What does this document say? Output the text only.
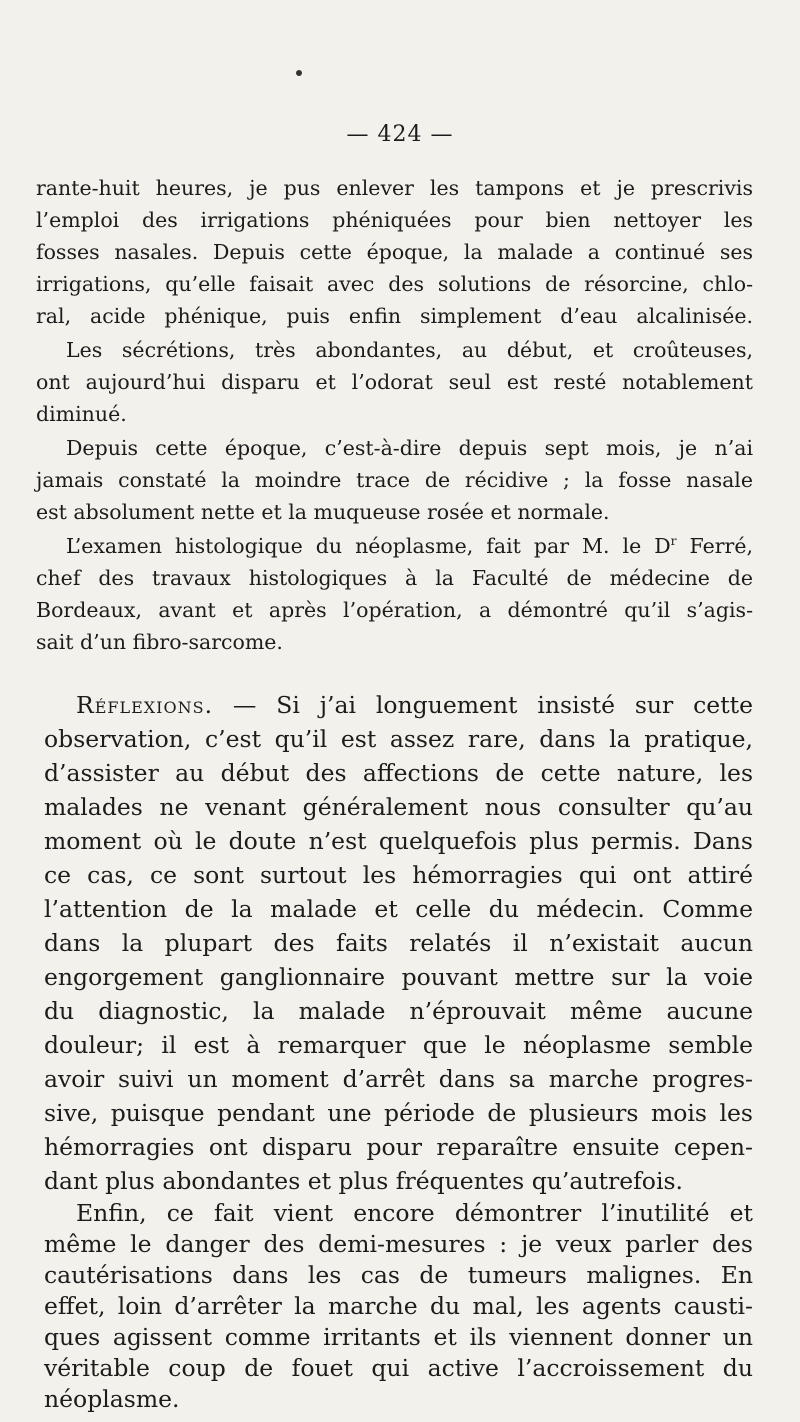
— 424 —
rante-huit heures, je pus enlever les tampons et je prescrivis
l’emploi des irrigations phéniquées pour bien nettoyer les
fosses nasales. Depuis cette époque, la malade a continué ses
irrigations, qu’elle faisait avec des solutions de résorcine, chlo-
ral, acide phénique, puis enfin simplement d’eau alcalinisée.
Les sécrétions, très abondantes, au début, et croûteuses,
ont aujourd’hui disparu et l’odorat seul est resté notablement
diminué.
Depuis cette époque, c’est-à-dire depuis sept mois, je n’ai
jamais constaté la moindre trace de récidive ; la fosse nasale
est absolument nette et la muqueuse rosée et normale.
L’examen histologique du néoplasme, fait par M. le $D^r$ Ferré,
chef des travaux histologiques à la Faculté de médecine de
Bordeaux, avant et après l’opération, a démontré qu’il s’agis-
sait d’un fibro-sarcome.
Réflexions. — Si j’ai longuement insisté sur cette
observation, c’est qu’il est assez rare, dans la pratique,
d’assister au début des affections de cette nature, les
malades ne venant généralement nous consulter qu’au
moment où le doute n’est quelquefois plus permis. Dans
ce cas, ce sont surtout les hémorragies qui ont attiré
l’attention de la malade et celle du médecin. Comme
dans la plupart des faits relatés il n’existait aucun
engorgement ganglionnaire pouvant mettre sur la voie
du diagnostic, la malade n’éprouvait même aucune
douleur; il est à remarquer que le néoplasme semble
avoir suivi un moment d’arrêt dans sa marche progres-
sive, puisque pendant une période de plusieurs mois les
hémorragies ont disparu pour reparaître ensuite cepen-
dant plus abondantes et plus fréquentes qu’autrefois.
Enfin, ce fait vient encore démontrer l’inutilité et
même le danger des demi-mesures : je veux parler des
cautérisations dans les cas de tumeurs malignes. En
effet, loin d’arrêter la marche du mal, les agents causti-
ques agissent comme irritants et ils viennent donner un
véritable coup de fouet qui active l’accroissement du
néoplasme.
